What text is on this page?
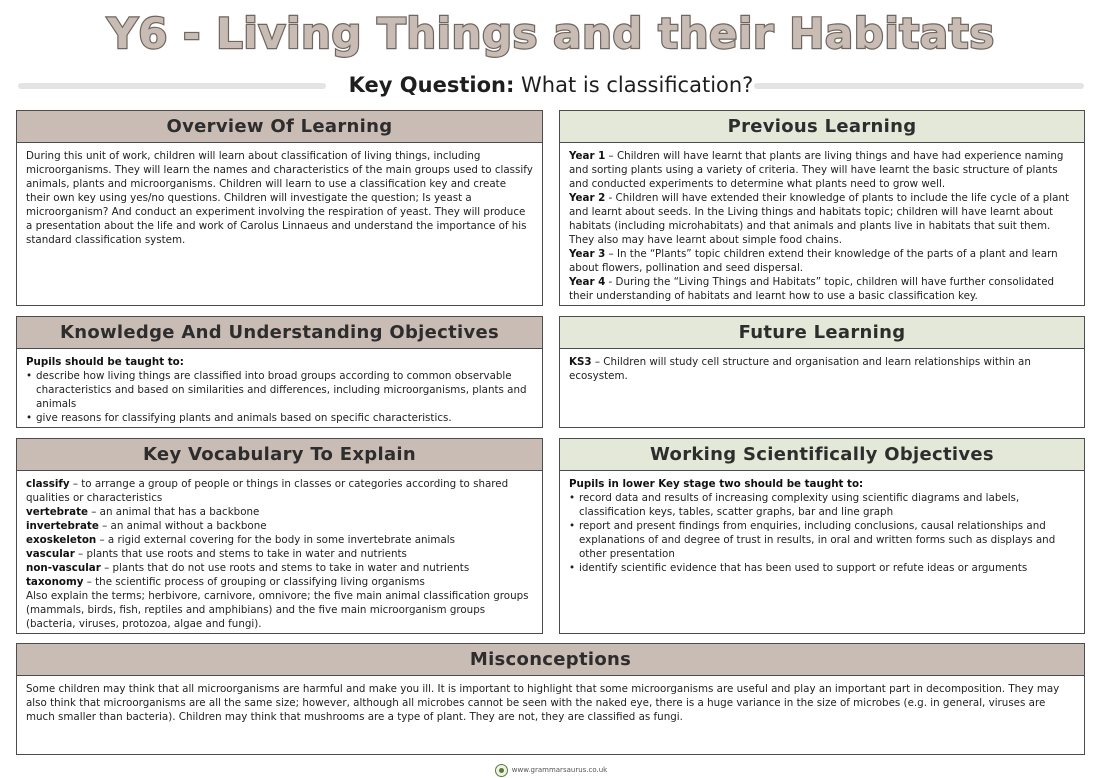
Y6 - Living Things and their Habitats
Key Question: What is classification?
Overview Of Learning

During this unit of work, children will learn about classification of living things, including microorganisms. They will learn the names and characteristics of the main groups used to classify animals, plants and microorganisms. Children will learn to use a classification key and create their own key using yes/no questions. Children will investigate the question; Is yeast a microorganism? And conduct an experiment involving the respiration of yeast. They will produce a presentation about the life and work of Carolus Linnaeus and understand the importance of his standard classification system.

Previous Learning

Year 1 – Children will have learnt that plants are living things and have had experience naming and sorting plants using a variety of criteria. They will have learnt the basic structure of plants and conducted experiments to determine what plants need to grow well.

Year 2 - Children will have extended their knowledge of plants to include the life cycle of a plant and learnt about seeds. In the Living things and habitats topic; children will have learnt about habitats (including microhabitats) and that animals and plants live in habitats that suit them. They also may have learnt about simple food chains.

Year 3 – In the “Plants” topic children extend their knowledge of the parts of a plant and learn about flowers, pollination and seed dispersal.

Year 4 - During the “Living Things and Habitats” topic, children will have further consolidated their understanding of habitats and learnt how to use a basic classification key.

Knowledge And Understanding Objectives

Pupils should be taught to:

• describe how living things are classified into broad groups according to common observable characteristics and based on similarities and differences, including microorganisms, plants and animals
• give reasons for classifying plants and animals based on specific characteristics.
Future Learning

KS3 – Children will study cell structure and organisation and learn relationships within an ecosystem.

Key Vocabulary To Explain

classify – to arrange a group of people or things in classes or categories according to shared qualities or characteristics

vertebrate – an animal that has a backbone

invertebrate – an animal without a backbone

exoskeleton – a rigid external covering for the body in some invertebrate animals

vascular – plants that use roots and stems to take in water and nutrients

non-vascular – plants that do not use roots and stems to take in water and nutrients

taxonomy – the scientific process of grouping or classifying living organisms

Also explain the terms; herbivore, carnivore, omnivore; the five main animal classification groups (mammals, birds, fish, reptiles and amphibians) and the five main microorganism groups (bacteria, viruses, protozoa, algae and fungi).

Working Scientifically Objectives

Pupils in lower Key stage two should be taught to:

• record data and results of increasing complexity using scientific diagrams and labels, classification keys, tables, scatter graphs, bar and line graph
• report and present findings from enquiries, including conclusions, causal relationships and explanations of and degree of trust in results, in oral and written forms such as displays and other presentation
• identify scientific evidence that has been used to support or refute ideas or arguments
Misconceptions

Some children may think that all microorganisms are harmful and make you ill. It is important to highlight that some microorganisms are useful and play an important part in decomposition. They may also think that microorganisms are all the same size; however, although all microbes cannot be seen with the naked eye, there is a huge variance in the size of microbes (e.g. in general, viruses are much smaller than bacteria). Children may think that mushrooms are a type of plant. They are not, they are classified as fungi.

www.grammarsaurus.co.uk
